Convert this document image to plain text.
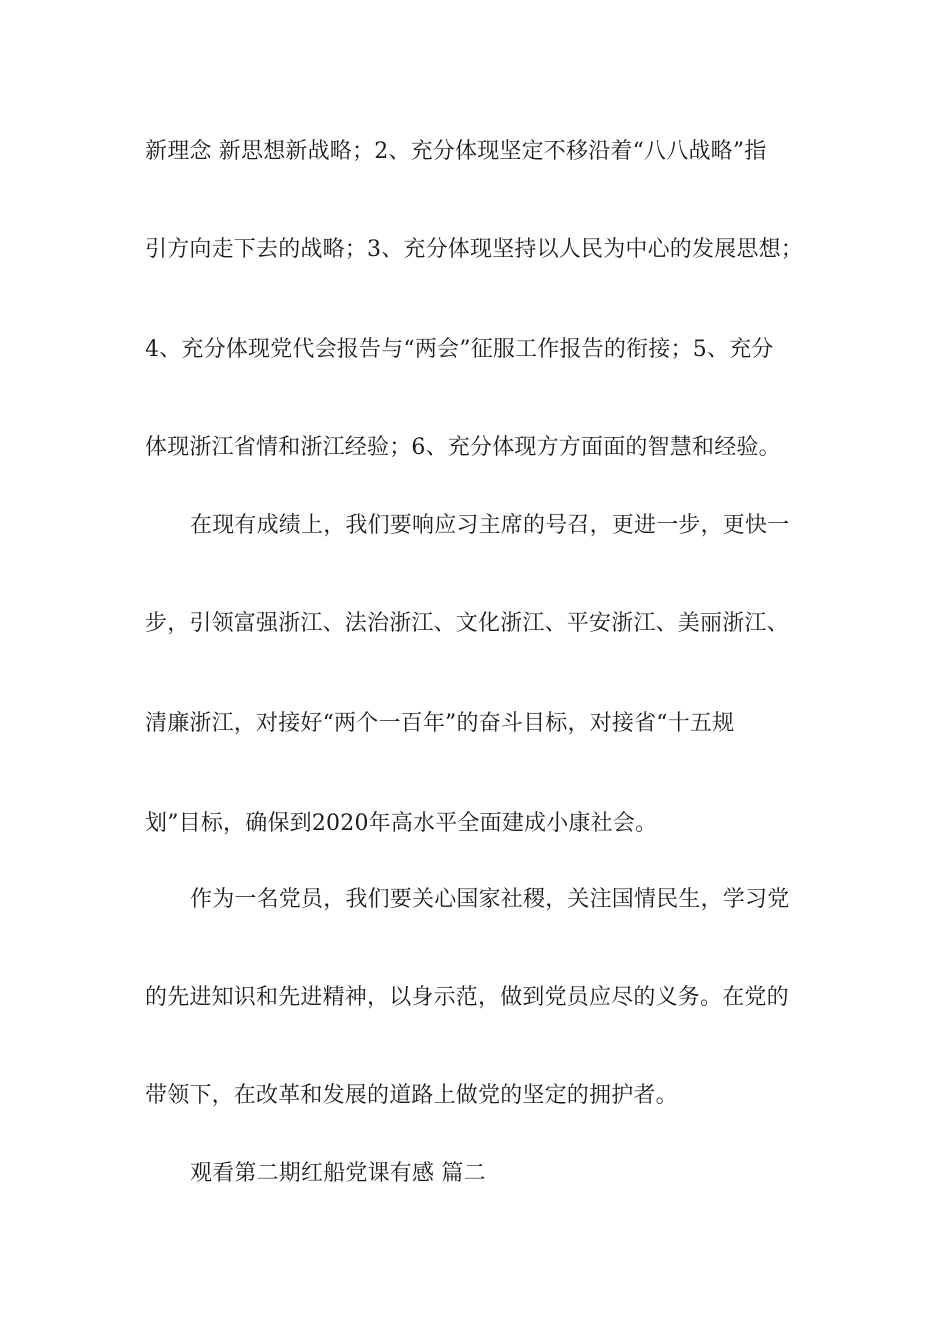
新理念 新思想新战略；2、充分体现坚定不移沿着“八八战略”指
引方向走下去的战略；3、充分体现坚持以人民为中心的发展思想；
4、充分体现党代会报告与“两会”征服工作报告的衔接；5、充分
体现浙江省情和浙江经验；6、充分体现方方面面的智慧和经验。
在现有成绩上，我们要响应习主席的号召，更进一步，更快一
步，引领富强浙江、法治浙江、文化浙江、平安浙江、美丽浙江、
清廉浙江，对接好“两个一百年”的奋斗目标，对接省“十五规
划”目标，确保到2020年高水平全面建成小康社会。
作为一名党员，我们要关心国家社稷，关注国情民生，学习党
的先进知识和先进精神，以身示范，做到党员应尽的义务。在党的
带领下，在改革和发展的道路上做党的坚定的拥护者。
观看第二期红船党课有感 篇二
